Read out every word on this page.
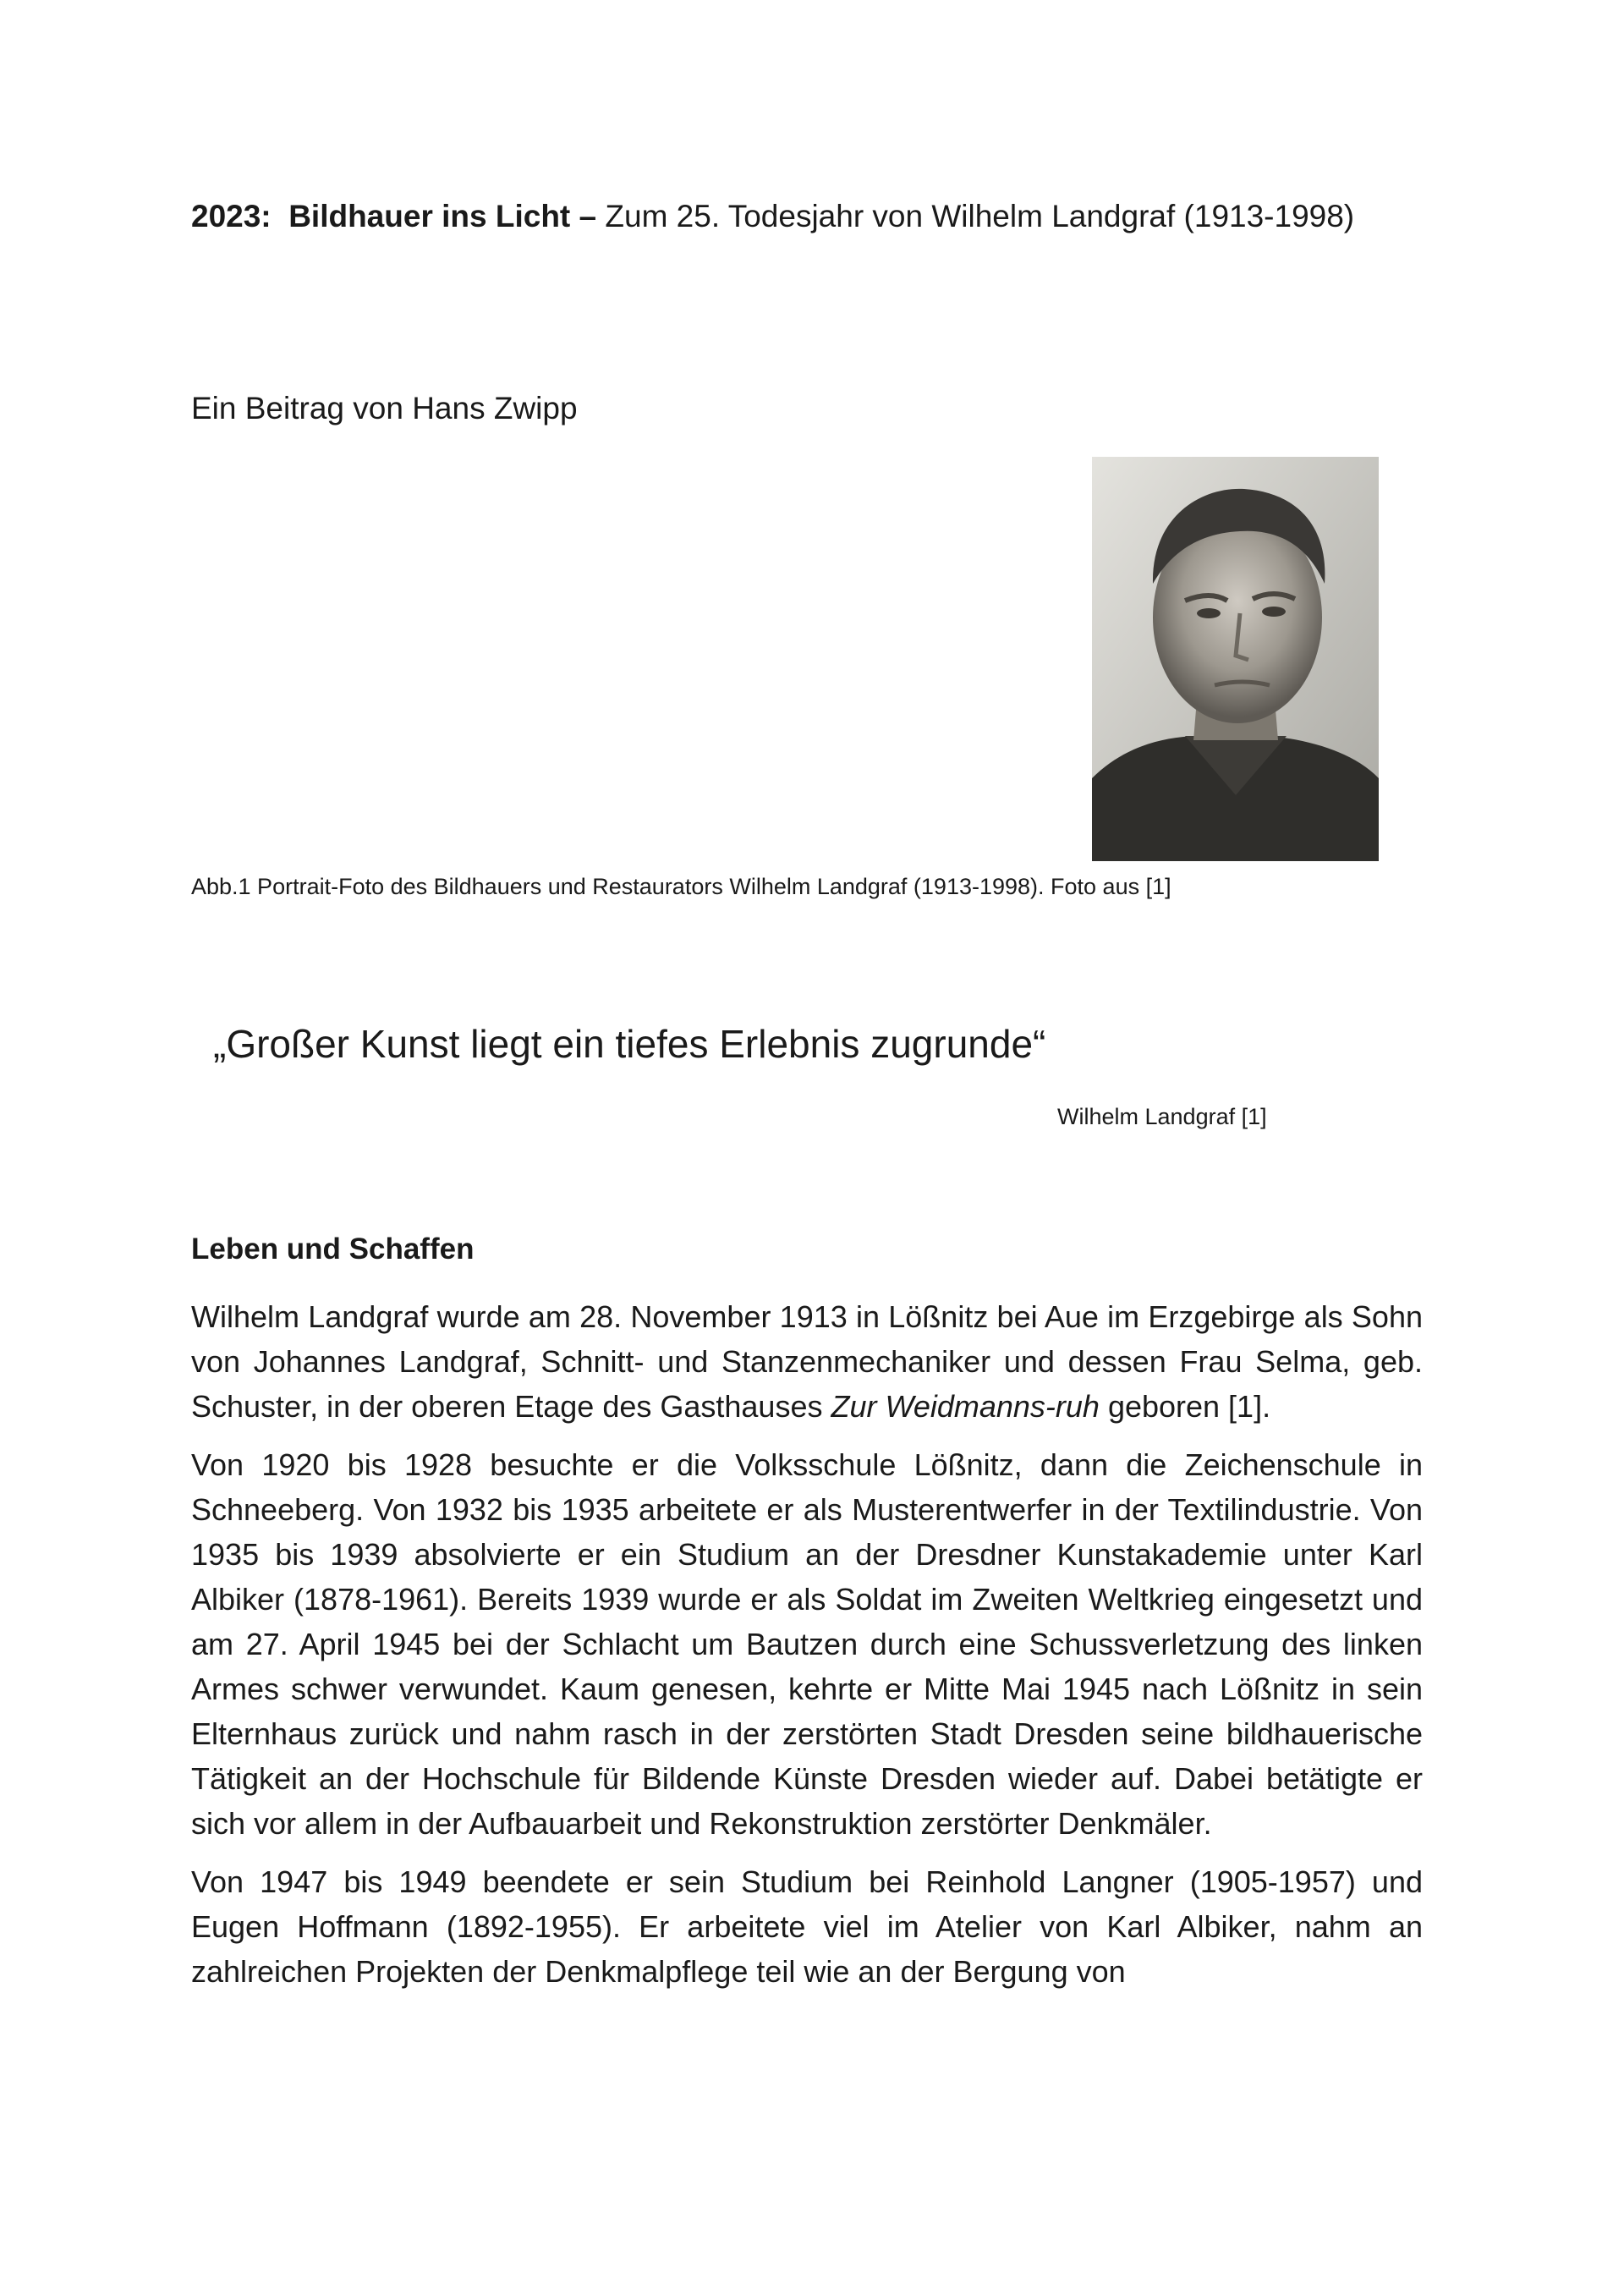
2023: Bildhauer ins Licht – Zum 25. Todesjahr von Wilhelm Landgraf (1913-1998)

Ein Beitrag von Hans Zwipp
Abb.1 Portrait-Foto des Bildhauers und Restaurators Wilhelm Landgraf (1913-1998). Foto aus [1]
„Großer Kunst liegt ein tiefes Erlebnis zugrunde“
Wilhelm Landgraf [1]
Leben und Schaffen

Wilhelm Landgraf wurde am 28. November 1913 in Lößnitz bei Aue im Erzgebirge als Sohn von Johannes Landgraf, Schnitt- und Stanzenmechaniker und dessen Frau Selma, geb. Schuster, in der oberen Etage des Gasthauses Zur Weidmanns-ruh geboren [1].

Von 1920 bis 1928 besuchte er die Volksschule Lößnitz, dann die Zeichenschule in Schneeberg. Von 1932 bis 1935 arbeitete er als Musterentwerfer in der Textilindustrie. Von 1935 bis 1939 absolvierte er ein Studium an der Dresdner Kunstakademie unter Karl Albiker (1878-1961). Bereits 1939 wurde er als Soldat im Zweiten Weltkrieg eingesetzt und am 27. April 1945 bei der Schlacht um Bautzen durch eine Schussverletzung des linken Armes schwer verwundet. Kaum genesen, kehrte er Mitte Mai 1945 nach Lößnitz in sein Elternhaus zurück und nahm rasch in der zerstörten Stadt Dresden seine bildhauerische Tätigkeit an der Hochschule für Bildende Künste Dresden wieder auf. Dabei betätigte er sich vor allem in der Aufbauarbeit und Rekonstruktion zerstörter Denkmäler.

Von 1947 bis 1949 beendete er sein Studium bei Reinhold Langner (1905-1957) und Eugen Hoffmann (1892-1955). Er arbeitete viel im Atelier von Karl Albiker, nahm an zahlreichen Projekten der Denkmalpflege teil wie an der Bergung von
